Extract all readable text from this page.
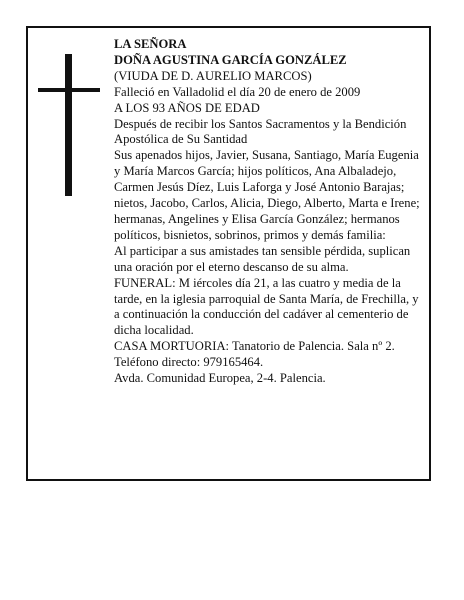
LA SEÑORA

DOÑA AGUSTINA GARCÍA GONZÁLEZ

(VIUDA DE D. AURELIO MARCOS)

Falleció en Valladolid el día 20 de enero de 2009

A LOS 93 AÑOS DE EDAD

Después de recibir los Santos Sacramentos y la Bendición Apostólica de Su Santidad

Sus apenados hijos, Javier, Susana, Santiago, María Eugenia y María Marcos García; hijos políticos, Ana Albaladejo, Carmen Jesús Díez, Luis Laforga y José Antonio Barajas; nietos, Jacobo, Carlos, Alicia, Diego, Alberto, Marta e Irene; hermanas, Angelines y Elisa García González; hermanos políticos, bisnietos, sobrinos, primos y demás familia:

Al participar a sus amistades tan sensible pérdida, suplican una oración por el eterno descanso de su alma.

FUNERAL: M iércoles día 21, a las cuatro y media de la tarde, en la iglesia parroquial de Santa María, de Frechilla, y a continuación la conducción del cadáver al cementerio de dicha localidad.

CASA MORTUORIA: Tanatorio de Palencia. Sala nº 2. Teléfono directo: 979165464.

Avda. Comunidad Europea, 2-4. Palencia.
